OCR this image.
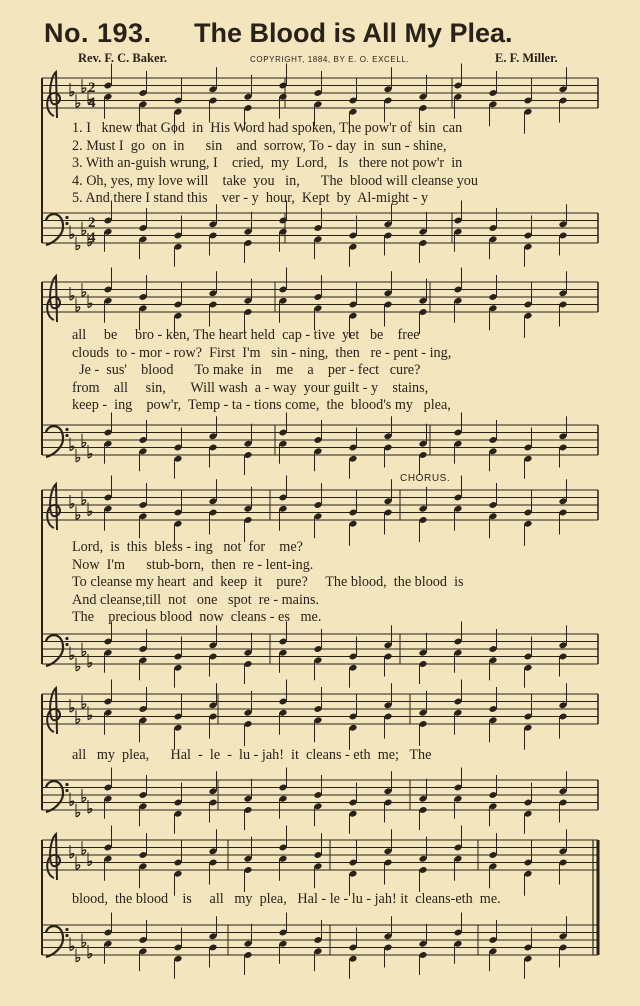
No. 193. The Blood is All My Plea.
Rev. F. C. Baker.	COPYRIGHT, 1884, BY E. O. EXCELL.	E. F. Miller.
2
4
2
4
CHORUS.
1. I   knew that God  in  His Word had spoken, The pow'r of  sin  can
2. Must I  go  on  in      sin    and  sorrow, To - day  in  sun - shine,
3. With an-guish wrung, I    cried,  my  Lord,   Is   there not pow'r  in
4. Oh, yes, my love will    take  you   in,      The  blood will cleanse you
5. And there I stand this    ver - y  hour,  Kept  by  Al-might - y
all     be     bro - ken, The heart held  cap - tive  yet   be    free
clouds  to - mor - row?  First  I'm   sin - ning,  then   re - pent - ing,
Je -  sus'    blood      To make  in    me    a    per - fect   cure?
from    all     sin,       Will wash  a - way  your guilt - y    stains,
keep -  ing    pow'r,  Temp - ta - tions come,  the  blood's my   plea,
Lord,  is  this  bless - ing   not  for    me?
Now  I'm      stub-born,  then  re - lent-ing.
To cleanse my heart  and  keep  it    pure?     The blood,  the blood  is
And cleanse,till  not   one   spot  re - mains.
The    precious blood  now  cleans - es   me.
all   my  plea,      Hal  -  le  -  lu - jah!  it  cleans - eth  me;   The
blood,  the blood    is     all   my  plea,   Hal - le - lu - jah! it  cleans-eth  me.
